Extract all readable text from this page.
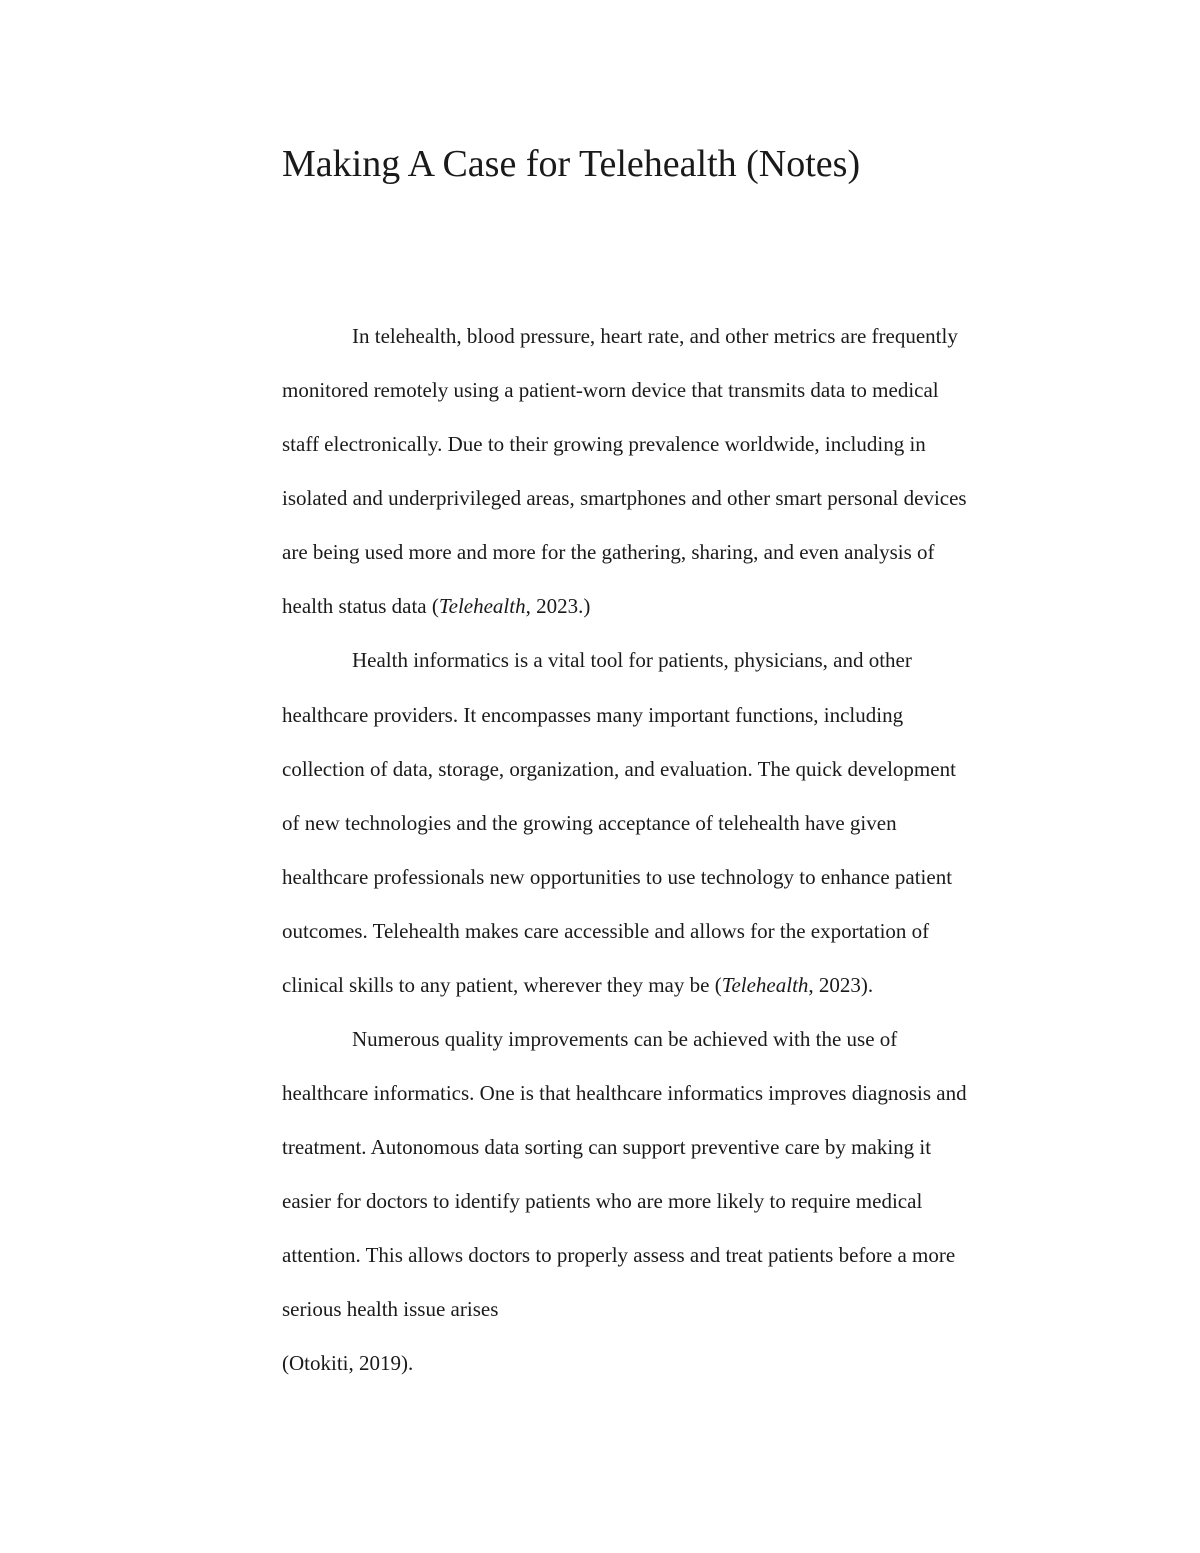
Making A Case for Telehealth (Notes)

In telehealth, blood pressure, heart rate, and other metrics are frequently

monitored remotely using a patient-worn device that transmits data to medical

staff electronically. Due to their growing prevalence worldwide, including in

isolated and underprivileged areas, smartphones and other smart personal devices

are being used more and more for the gathering, sharing, and even analysis of

health status data (Telehealth, 2023.)

Health informatics is a vital tool for patients, physicians, and other

healthcare providers. It encompasses many important functions, including

collection of data, storage, organization, and evaluation. The quick development

of new technologies and the growing acceptance of telehealth have given

healthcare professionals new opportunities to use technology to enhance patient

outcomes. Telehealth makes care accessible and allows for the exportation of

clinical skills to any patient, wherever they may be (Telehealth, 2023).

Numerous quality improvements can be achieved with the use of

healthcare informatics. One is that healthcare informatics improves diagnosis and

treatment. Autonomous data sorting can support preventive care by making it

easier for doctors to identify patients who are more likely to require medical

attention. This allows doctors to properly assess and treat patients before a more

serious health issue arises

(Otokiti, 2019).
